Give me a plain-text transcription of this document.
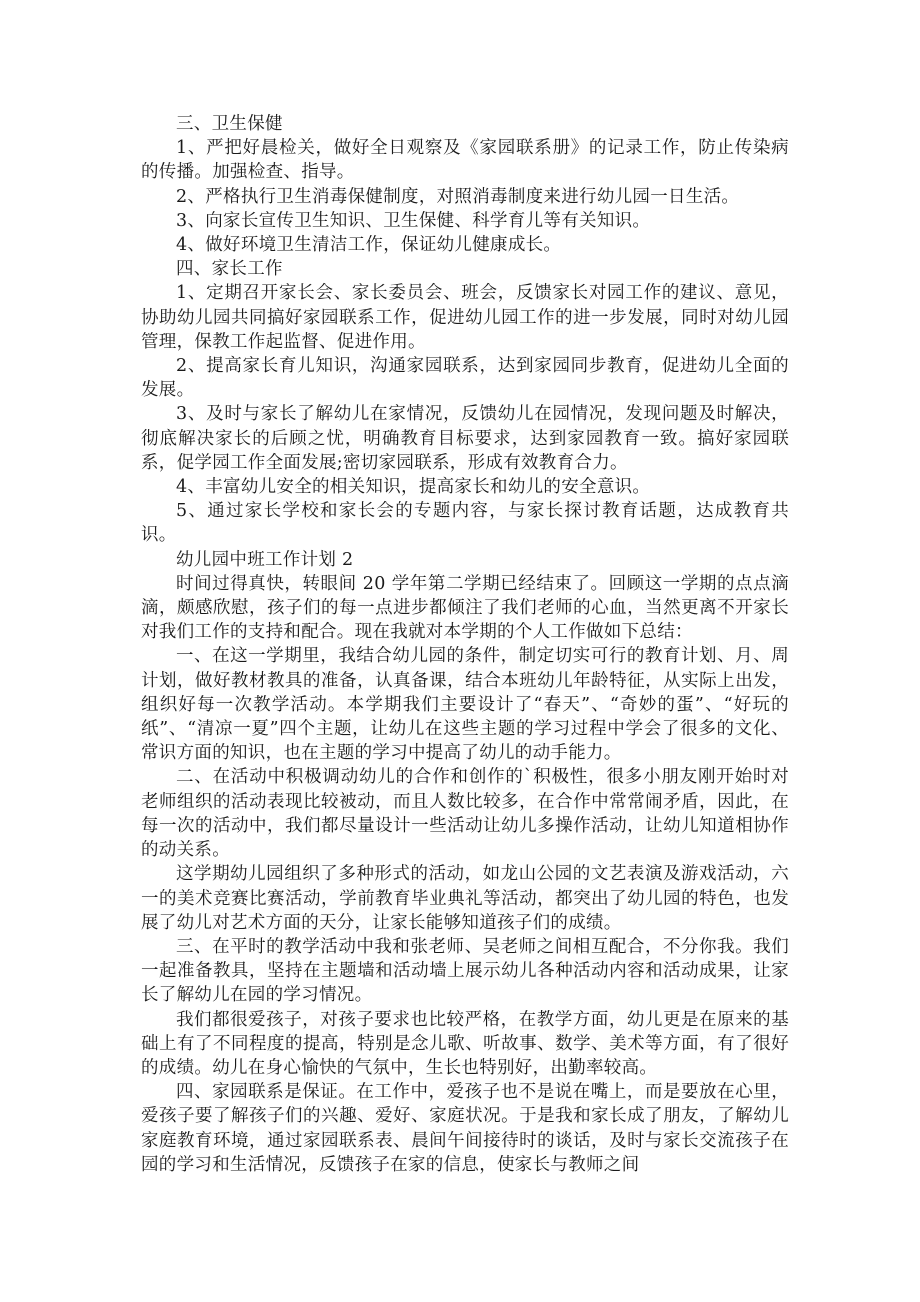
三、卫生保健

1、严把好晨检关，做好全日观察及《家园联系册》的记录工作，防止传染病的传播。加强检查、指导。

2、严格执行卫生消毒保健制度，对照消毒制度来进行幼儿园一日生活。

3、向家长宣传卫生知识、卫生保健、科学育儿等有关知识。

4、做好环境卫生清洁工作，保证幼儿健康成长。

四、家长工作

1、定期召开家长会、家长委员会、班会，反馈家长对园工作的建议、意见，协助幼儿园共同搞好家园联系工作，促进幼儿园工作的进一步发展，同时对幼儿园管理，保教工作起监督、促进作用。

2、提高家长育儿知识，沟通家园联系，达到家园同步教育，促进幼儿全面的发展。

3、及时与家长了解幼儿在家情况，反馈幼儿在园情况，发现问题及时解决，彻底解决家长的后顾之忧，明确教育目标要求，达到家园教育一致。搞好家园联系，促学园工作全面发展;密切家园联系，形成有效教育合力。

4、丰富幼儿安全的相关知识，提高家长和幼儿的安全意识。

5、通过家长学校和家长会的专题内容，与家长探讨教育话题，达成教育共识。

幼儿园中班工作计划 2

时间过得真快，转眼间 20 学年第二学期已经结束了。回顾这一学期的点点滴滴，颇感欣慰，孩子们的每一点进步都倾注了我们老师的心血，当然更离不开家长对我们工作的支持和配合。现在我就对本学期的个人工作做如下总结：

一、在这一学期里，我结合幼儿园的条件，制定切实可行的教育计划、月、周计划，做好教材教具的准备，认真备课，结合本班幼儿年龄特征，从实际上出发，组织好每一次教学活动。本学期我们主要设计了“春天”、“奇妙的蛋”、“好玩的纸”、“清凉一夏”四个主题，让幼儿在这些主题的学习过程中学会了很多的文化、常识方面的知识，也在主题的学习中提高了幼儿的动手能力。

二、在活动中积极调动幼儿的合作和创作的`积极性，很多小朋友刚开始时对老师组织的活动表现比较被动，而且人数比较多，在合作中常常闹矛盾，因此，在每一次的活动中，我们都尽量设计一些活动让幼儿多操作活动，让幼儿知道相协作的动关系。

这学期幼儿园组织了多种形式的活动，如龙山公园的文艺表演及游戏活动，六一的美术竞赛比赛活动，学前教育毕业典礼等活动，都突出了幼儿园的特色，也发展了幼儿对艺术方面的天分，让家长能够知道孩子们的成绩。

三、在平时的教学活动中我和张老师、吴老师之间相互配合，不分你我。我们一起准备教具，坚持在主题墙和活动墙上展示幼儿各种活动内容和活动成果，让家长了解幼儿在园的学习情况。

我们都很爱孩子，对孩子要求也比较严格，在教学方面，幼儿更是在原来的基础上有了不同程度的提高，特别是念儿歌、听故事、数学、美术等方面，有了很好的成绩。幼儿在身心愉快的气氛中，生长也特别好，出勤率较高。

四、家园联系是保证。在工作中，爱孩子也不是说在嘴上，而是要放在心里，爱孩子要了解孩子们的兴趣、爱好、家庭状况。于是我和家长成了朋友，了解幼儿家庭教育环境，通过家园联系表、晨间午间接待时的谈话，及时与家长交流孩子在园的学习和生活情况，反馈孩子在家的信息，使家长与教师之间
